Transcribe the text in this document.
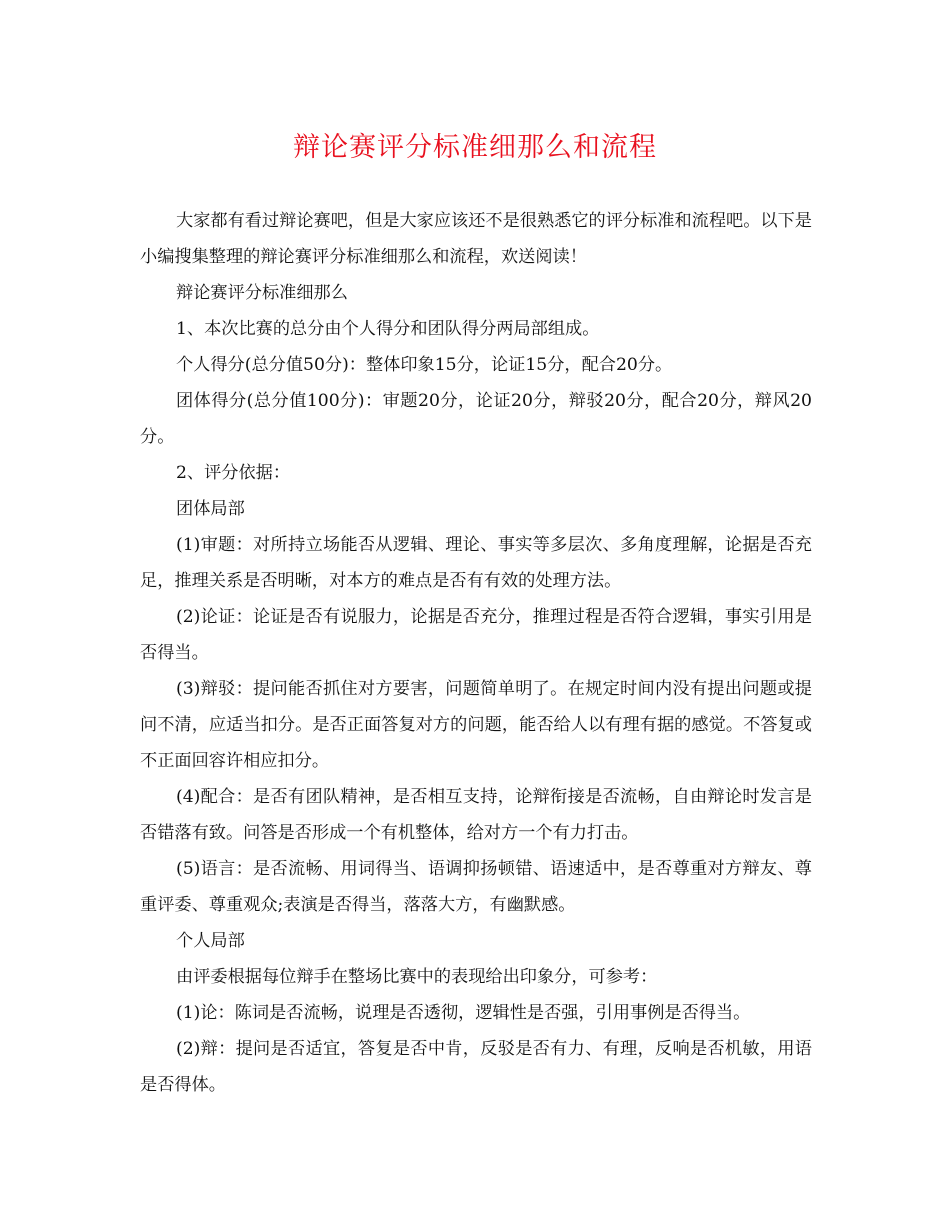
辩论赛评分标准细那么和流程

大家都有看过辩论赛吧，但是大家应该还不是很熟悉它的评分标准和流程吧。以下是小编搜集整理的辩论赛评分标准细那么和流程，欢送阅读！

辩论赛评分标准细那么

1、本次比赛的总分由个人得分和团队得分两局部组成。

个人得分(总分值50分)：整体印象15分，论证15分，配合20分。

团体得分(总分值100分)：审题20分，论证20分，辩驳20分，配合20分，辩风20分。

2、评分依据：

团体局部

(1)审题：对所持立场能否从逻辑、理论、事实等多层次、多角度理解，论据是否充足，推理关系是否明晰，对本方的难点是否有有效的处理方法。

(2)论证：论证是否有说服力，论据是否充分，推理过程是否符合逻辑，事实引用是否得当。

(3)辩驳：提问能否抓住对方要害，问题简单明了。在规定时间内没有提出问题或提问不清，应适当扣分。是否正面答复对方的问题，能否给人以有理有据的感觉。不答复或不正面回容许相应扣分。

(4)配合：是否有团队精神，是否相互支持，论辩衔接是否流畅，自由辩论时发言是否错落有致。问答是否形成一个有机整体，给对方一个有力打击。

(5)语言：是否流畅、用词得当、语调抑扬顿错、语速适中，是否尊重对方辩友、尊重评委、尊重观众;表演是否得当，落落大方，有幽默感。

个人局部

由评委根据每位辩手在整场比赛中的表现给出印象分，可参考：

(1)论：陈词是否流畅，说理是否透彻，逻辑性是否强，引用事例是否得当。

(2)辩：提问是否适宜，答复是否中肯，反驳是否有力、有理，反响是否机敏，用语是否得体。
